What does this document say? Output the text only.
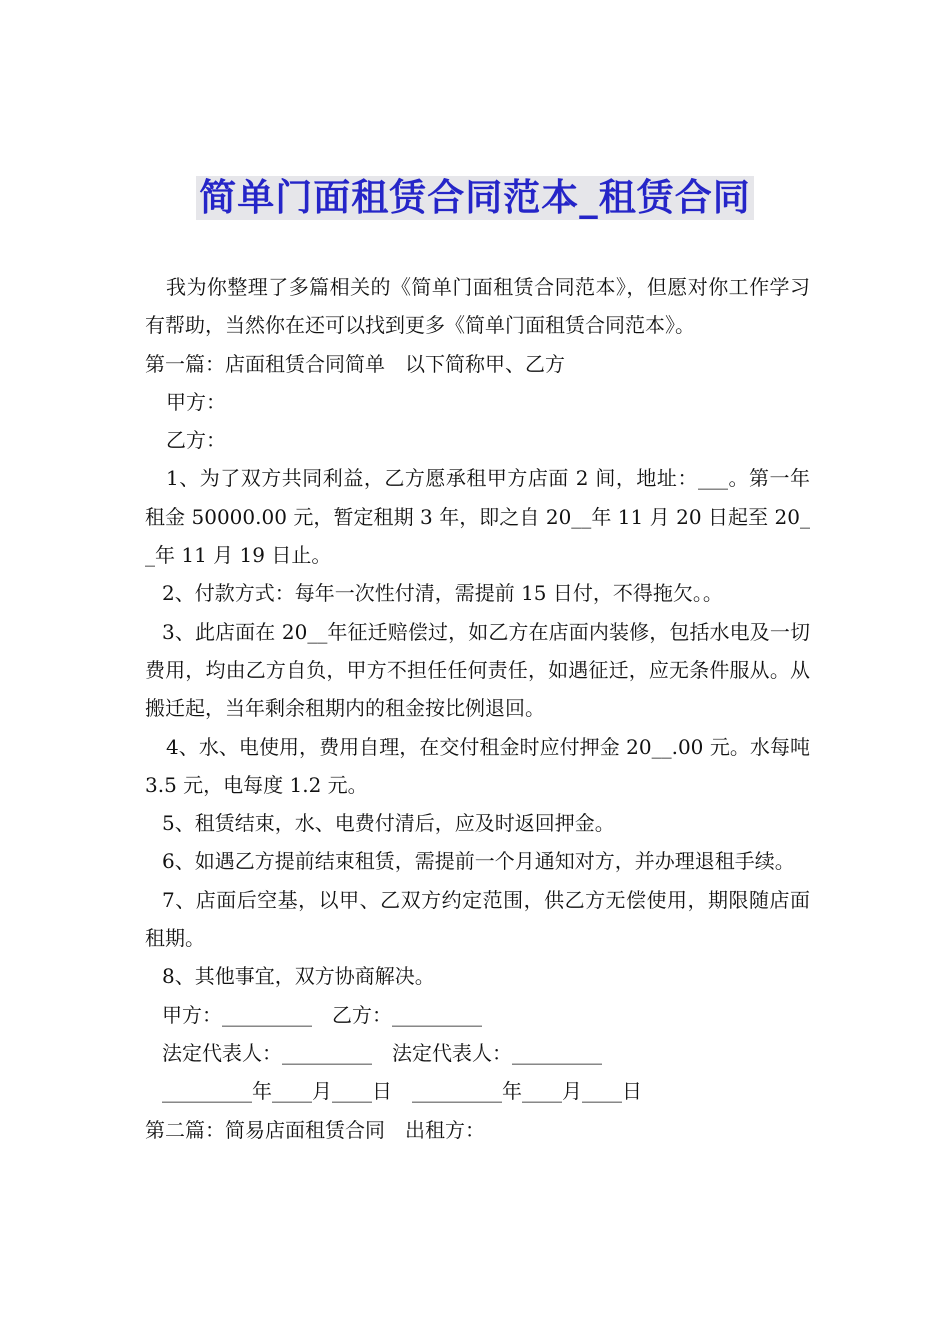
简单门面租赁合同范本_租赁合同

我为你整理了多篇相关的《简单门面租赁合同范本》，但愿对你工作学习有帮助，当然你在还可以找到更多《简单门面租赁合同范本》。

第一篇：店面租赁合同简单　以下简称甲、乙方

甲方：

乙方：

1、为了双方共同利益，乙方愿承租甲方店面 2 间，地址：___。第一年租金 50000.00 元，暂定租期 3 年，即之自 20__年 11 月 20 日起至 20__年 11 月 19 日止。

2、付款方式：每年一次性付清，需提前 15 日付，不得拖欠。。

3、此店面在 20__年征迁赔偿过，如乙方在店面内装修，包括水电及一切费用，均由乙方自负，甲方不担任任何责任，如遇征迁，应无条件服从。从搬迁起，当年剩余租期内的租金按比例退回。

4、水、电使用，费用自理，在交付租金时应付押金 20__.00 元。水每吨 3.5 元，电每度 1.2 元。

5、租赁结束，水、电费付清后，应及时返回押金。

6、如遇乙方提前结束租赁，需提前一个月通知对方，并办理退租手续。

7、店面后空基，以甲、乙双方约定范围，供乙方无偿使用，期限随店面租期。

8、其他事宜，双方协商解决。

甲方：_________　乙方：_________

法定代表人：_________　法定代表人：_________

_________年____月____日　_________年____月____日

第二篇：简易店面租赁合同　出租方：
